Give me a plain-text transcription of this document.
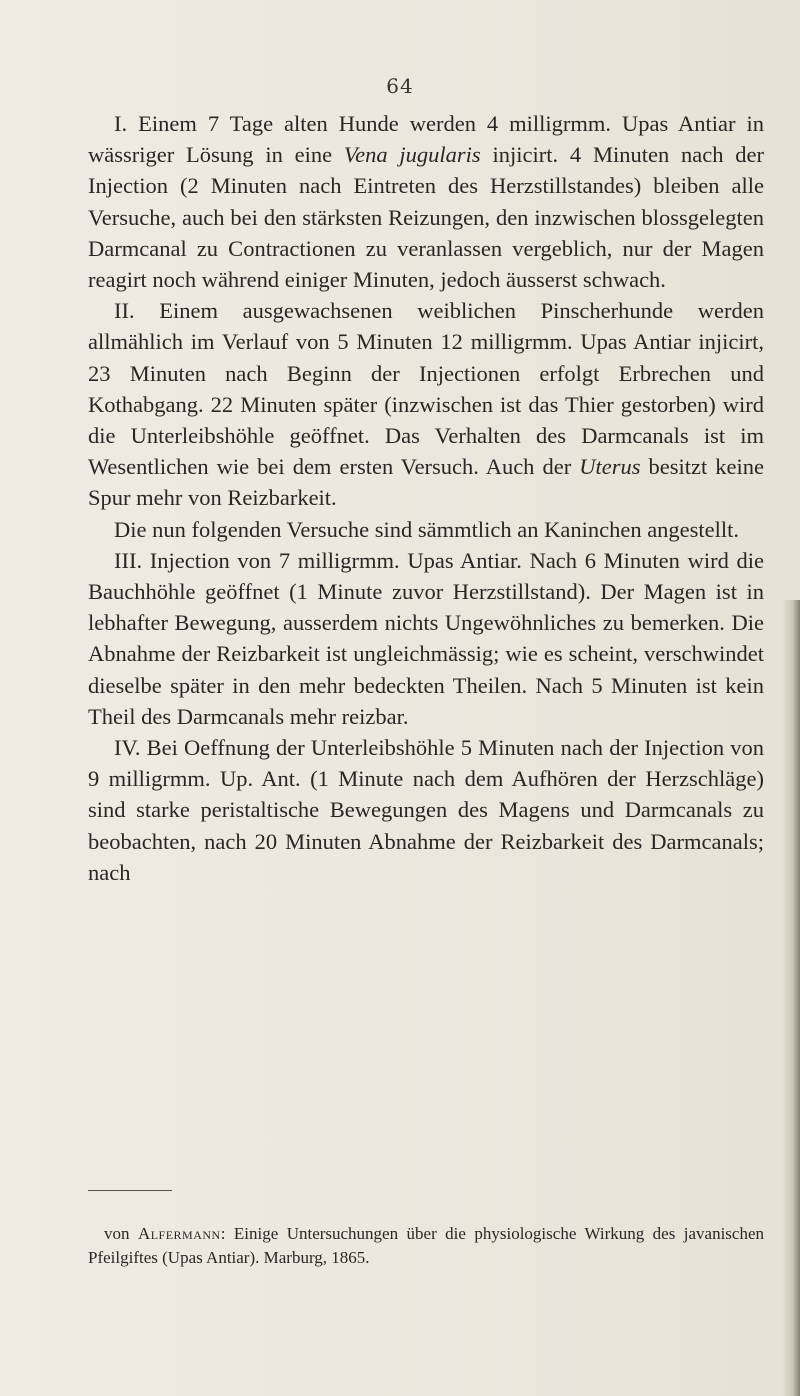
64

I. Einem 7 Tage alten Hunde werden 4 milligrmm. Upas Antiar in wässriger Lösung in eine Vena jugularis injicirt. 4 Minuten nach der Injection (2 Minuten nach Eintreten des Herzstillstandes) bleiben alle Versuche, auch bei den stärksten Reizungen, den inzwischen blossgelegten Darmcanal zu Contractionen zu veranlassen vergeblich, nur der Magen reagirt noch während einiger Minuten, jedoch äusserst schwach.

II. Einem ausgewachsenen weiblichen Pinscherhunde werden allmählich im Verlauf von 5 Minuten 12 milligrmm. Upas Antiar injicirt, 23 Minuten nach Beginn der Injectionen erfolgt Erbrechen und Kothabgang. 22 Minuten später (inzwischen ist das Thier gestorben) wird die Unterleibshöhle geöffnet. Das Verhalten des Darmcanals ist im Wesentlichen wie bei dem ersten Versuch. Auch der Uterus besitzt keine Spur mehr von Reizbarkeit.

Die nun folgenden Versuche sind sämmtlich an Kaninchen angestellt.

III. Injection von 7 milligrmm. Upas Antiar. Nach 6 Minuten wird die Bauchhöhle geöffnet (1 Minute zuvor Herzstillstand). Der Magen ist in lebhafter Bewegung, ausserdem nichts Ungewöhnliches zu bemerken. Die Abnahme der Reizbarkeit ist ungleichmässig; wie es scheint, verschwindet dieselbe später in den mehr bedeckten Theilen. Nach 5 Minuten ist kein Theil des Darmcanals mehr reizbar.

IV. Bei Oeffnung der Unterleibshöhle 5 Minuten nach der Injection von 9 milligrmm. Up. Ant. (1 Minute nach dem Aufhören der Herzschläge) sind starke peristaltische Bewegungen des Magens und Darmcanals zu beobachten, nach 20 Minuten Abnahme der Reizbarkeit des Darmcanals; nach

von Alfermann: Einige Untersuchungen über die physiologische Wirkung des javanischen Pfeilgiftes (Upas Antiar). Marburg, 1865.
